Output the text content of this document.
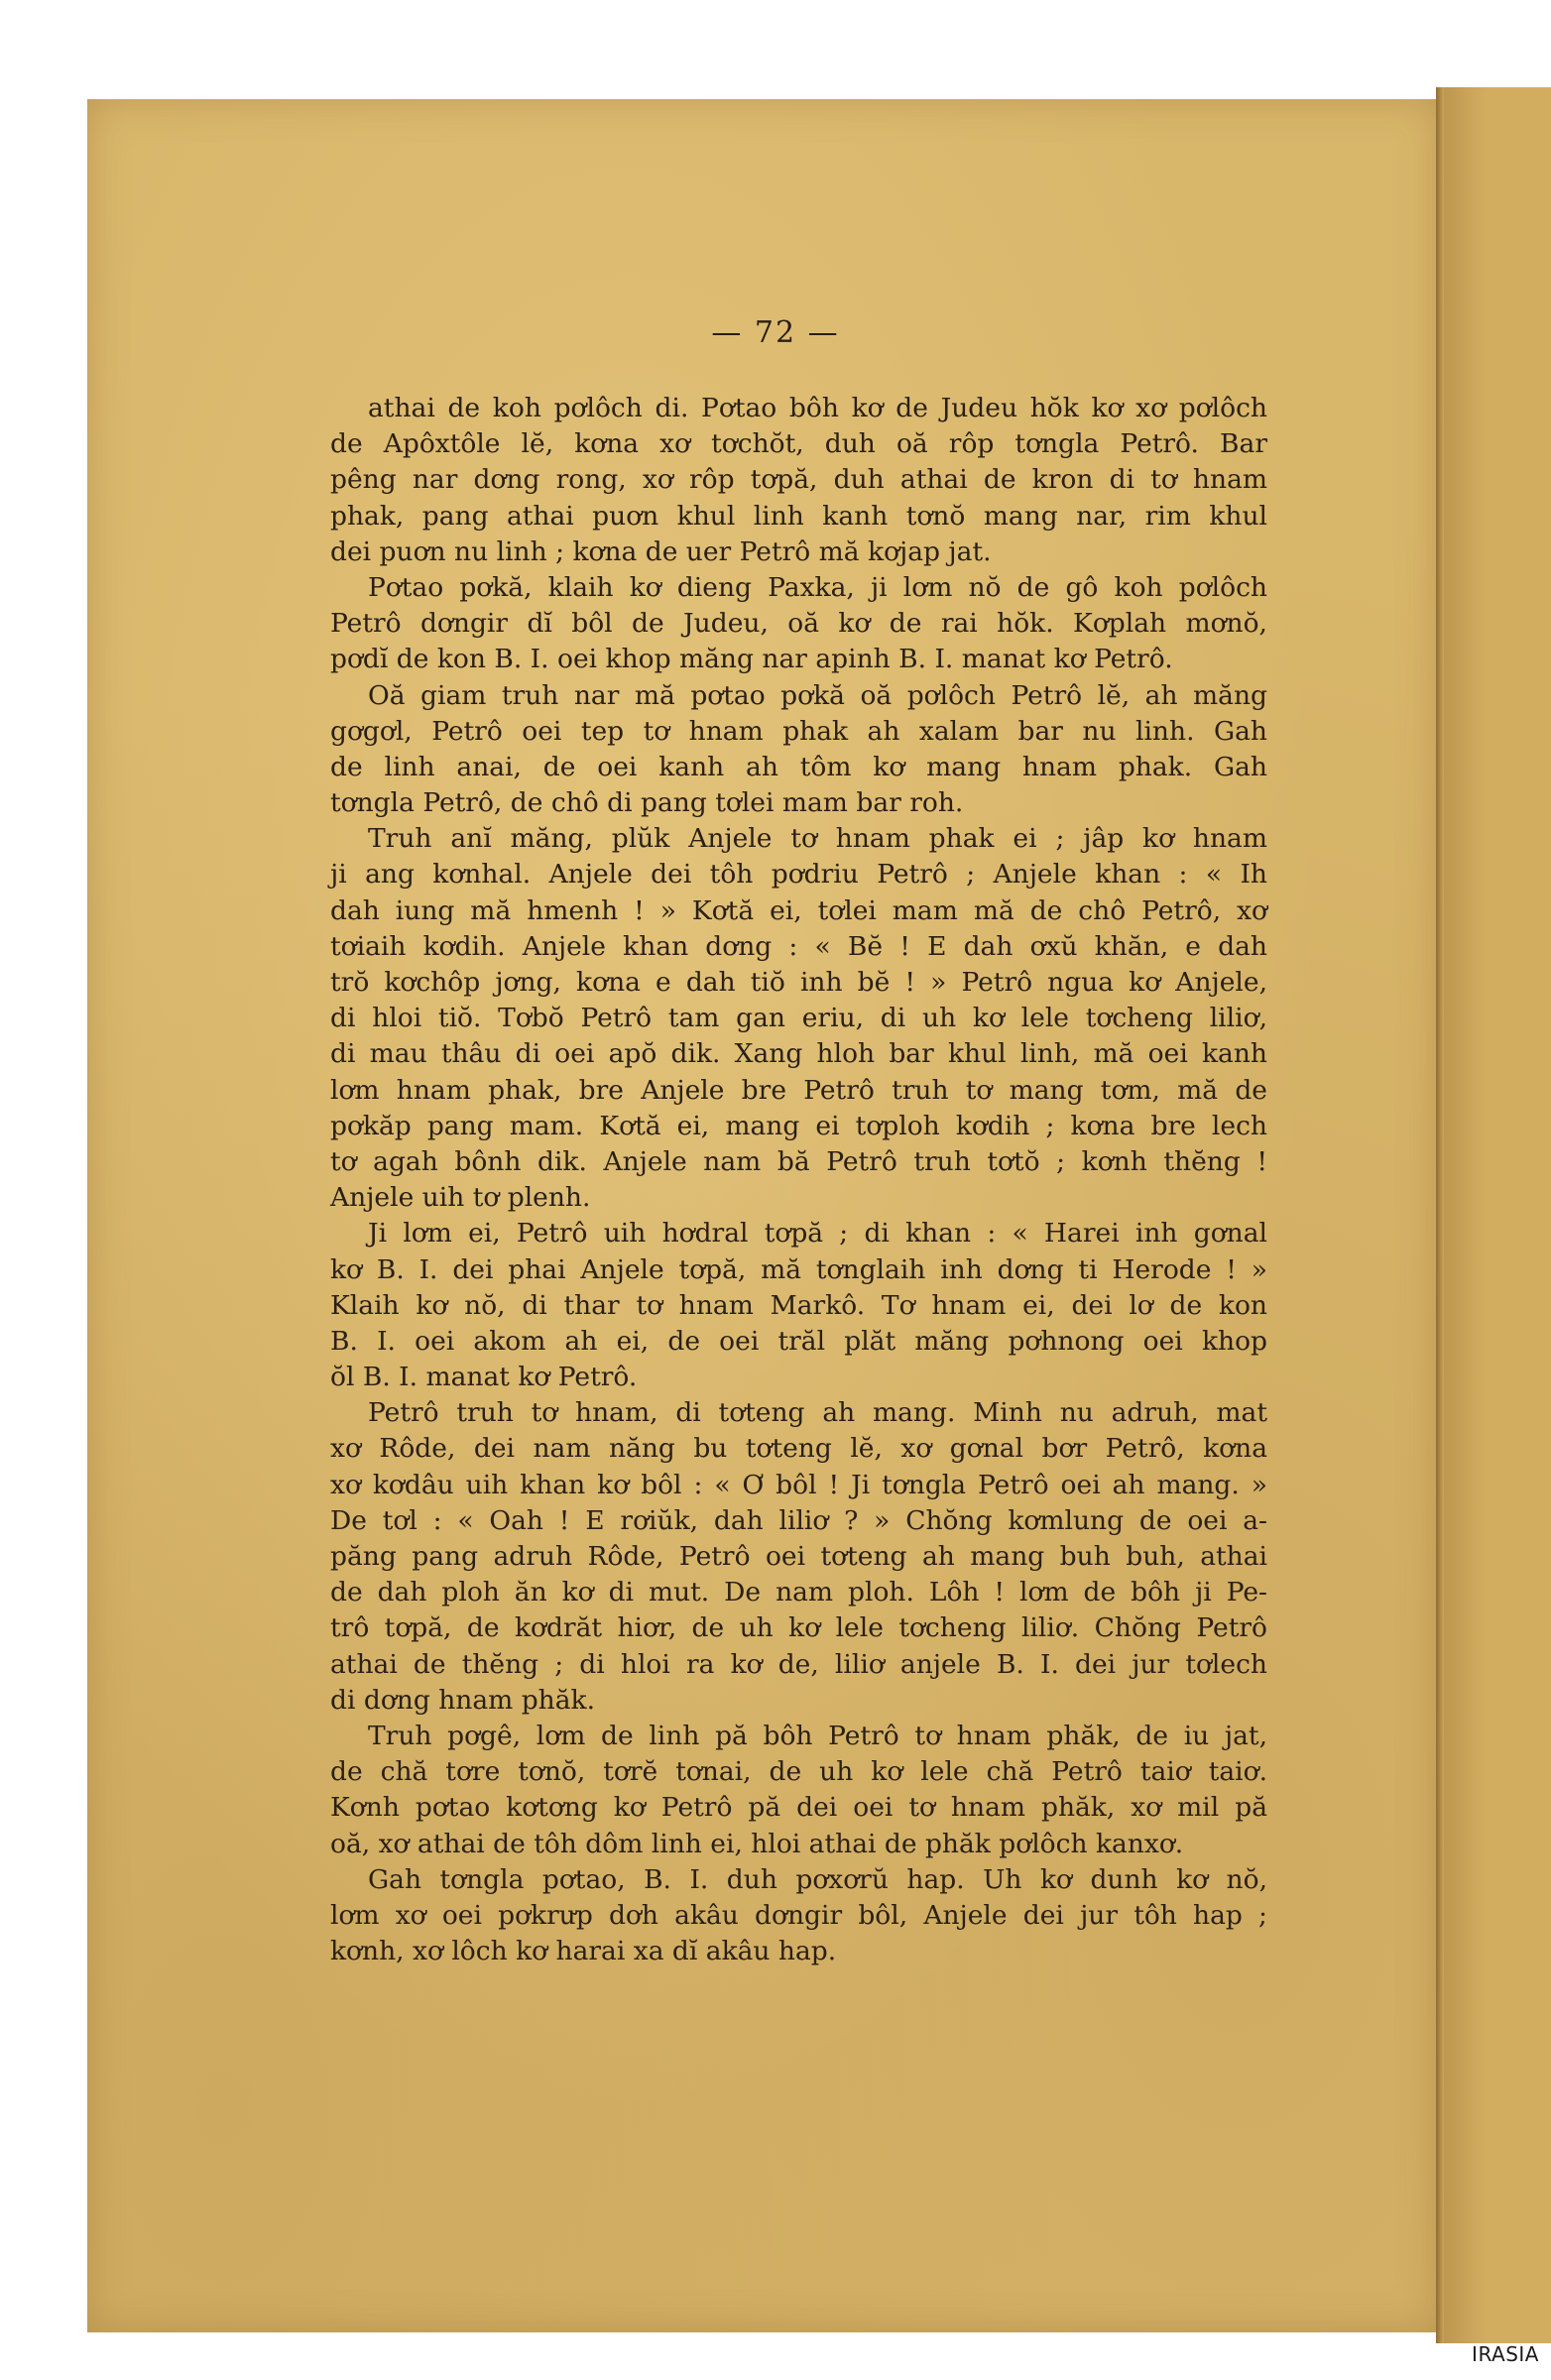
— 72 —
athai de koh pơlôch di. Pơtao bôh kơ de Judeu hŏk kơ xơ pơlôch
de Apôxtôle lĕ, kơna xơ tơchŏt, duh oă rôp tơngla Petrô. Bar
pêng nar dơng rong, xơ rôp tơpă, duh athai de kron di tơ hnam
phak, pang athai puơn khul linh kanh tơnŏ mang nar, rim khul
dei puơn nu linh ; kơna de uer Petrô mă kơjap jat.
Pơtao pơkă, klaih kơ dieng Paxka, ji lơm nŏ de gô koh pơlôch
Petrô dơngir dĭ bôl de Judeu, oă kơ de rai hŏk. Kơplah mơnŏ,
pơdĭ de kon B. I. oei khop măng nar apinh B. I. manat kơ Petrô.
Oă giam truh nar mă pơtao pơkă oă pơlôch Petrô lĕ, ah măng
gơgơl, Petrô oei tep tơ hnam phak ah xalam bar nu linh. Gah
de linh anai, de oei kanh ah tôm kơ mang hnam phak. Gah
tơngla Petrô, de chô di pang tơlei mam bar roh.
Truh anĭ măng, plŭk Anjele tơ hnam phak ei ; jâp kơ hnam
ji ang kơnhal. Anjele dei tôh pơdriu Petrô ; Anjele khan : « Ih
dah iung mă hmenh ! » Kơtă ei, tơlei mam mă de chô Petrô, xơ
tơiaih kơdih. Anjele khan dơng : « Bĕ ! E dah ơxŭ khăn, e dah
trŏ kơchôp jơng, kơna e dah tiŏ inh bĕ ! » Petrô ngua kơ Anjele,
di hloi tiŏ. Tơbŏ Petrô tam gan eriu, di uh kơ lele tơcheng liliơ,
di mau thâu di oei apŏ dik. Xang hloh bar khul linh, mă oei kanh
lơm hnam phak, bre Anjele bre Petrô truh tơ mang tơm, mă de
pơkăp pang mam. Kơtă ei, mang ei tơploh kơdih ; kơna bre lech
tơ agah bônh dik. Anjele nam bă Petrô truh tơtŏ ; kơnh thĕng !
Anjele uih tơ plenh.
Ji lơm ei, Petrô uih hơdral tơpă ; di khan : « Harei inh gơnal
kơ B. I. dei phai Anjele tơpă, mă tơnglaih inh dơng ti Herode ! »
Klaih kơ nŏ, di thar tơ hnam Markô. Tơ hnam ei, dei lơ de kon
B. I. oei akom ah ei, de oei trăl plăt măng pơhnong oei khop
ŏl B. I. manat kơ Petrô.
Petrô truh tơ hnam, di tơteng ah mang. Minh nu adruh, mat
xơ Rôde, dei nam năng bu tơteng lĕ, xơ gơnal bơr Petrô, kơna
xơ kơdâu uih khan kơ bôl : « Ơ bôl ! Ji tơngla Petrô oei ah mang. »
De tơl : « Oah ! E rơiŭk, dah liliơ ? » Chŏng kơmlung de oei a-
păng pang adruh Rôde, Petrô oei tơteng ah mang buh buh, athai
de dah ploh ăn kơ di mut. De nam ploh. Lôh ! lơm de bôh ji Pe-
trô tơpă, de kơdrăt hiơr, de uh kơ lele tơcheng liliơ. Chŏng Petrô
athai de thĕng ; di hloi ra kơ de, liliơ anjele B. I. dei jur tơlech
di dơng hnam phăk.
Truh pơgê, lơm de linh pă bôh Petrô tơ hnam phăk, de iu jat,
de chă tơre tơnŏ, tơrĕ tơnai, de uh kơ lele chă Petrô taiơ taiơ.
Kơnh pơtao kơtơng kơ Petrô pă dei oei tơ hnam phăk, xơ mil pă
oă, xơ athai de tôh dôm linh ei, hloi athai de phăk pơlôch kanxơ.
Gah tơngla pơtao, B. I. duh pơxơrŭ hap. Uh kơ dunh kơ nŏ,
lơm xơ oei pơkrưp dơh akâu dơngir bôl, Anjele dei jur tôh hap ;
kơnh, xơ lôch kơ harai xa dĭ akâu hap.
IRASIA
